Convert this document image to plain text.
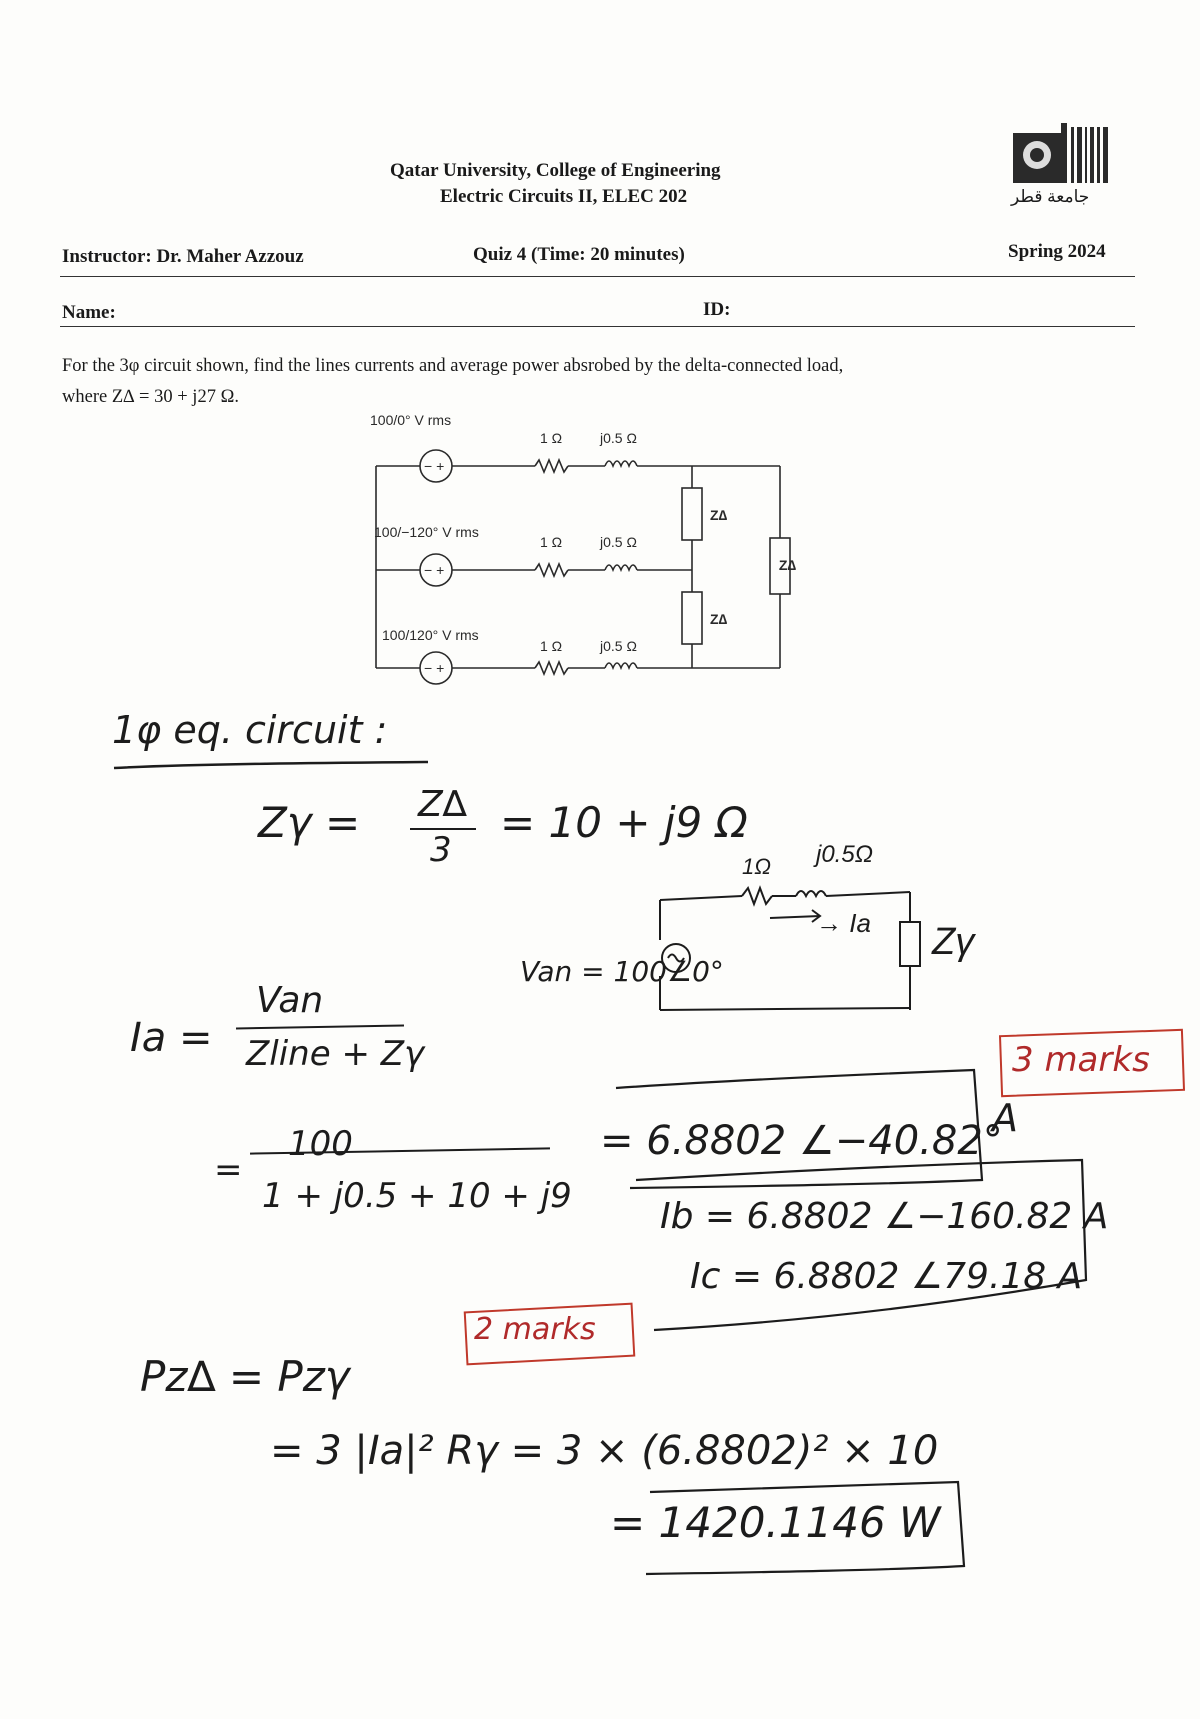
Qatar University, College of Engineering
Electric Circuits II, ELEC 202	جامعة قطر
Instructor: Dr. Maher Azzouz	Quiz 4 (Time: 20 minutes)	Spring 2024
Name:	ID:
For the 3φ circuit shown, find the lines currents and average power absrobed by the delta-connected load,
where Z∆ = 30 + j27 Ω.
− +
− +
− +
100/0° V rms
100/−120° V rms
100/120° V rms
1 Ω	j0.5 Ω
1 Ω	j0.5 Ω
1 Ω	j0.5 Ω
Z∆
Z∆
Z∆
1φ eq. circuit :
Zγ = Z∆
3
= 10 + j9 Ω
1Ω j0.5Ω
→ Ia Zγ
Van = 100∠0°
Ia =
Van
Zline + Zγ	3 marks
100
=
1 + j0.5 + 10 + j9
= 6.8802 ∠−40.82°
A
Ib = 6.8802 ∠−160.82 A
Ic = 6.8802 ∠79.18 A
2 marks
Pz∆ = Pzγ
= 3 |Ia|² Rγ = 3 × (6.8802)² × 10
= 1420.1146 W
